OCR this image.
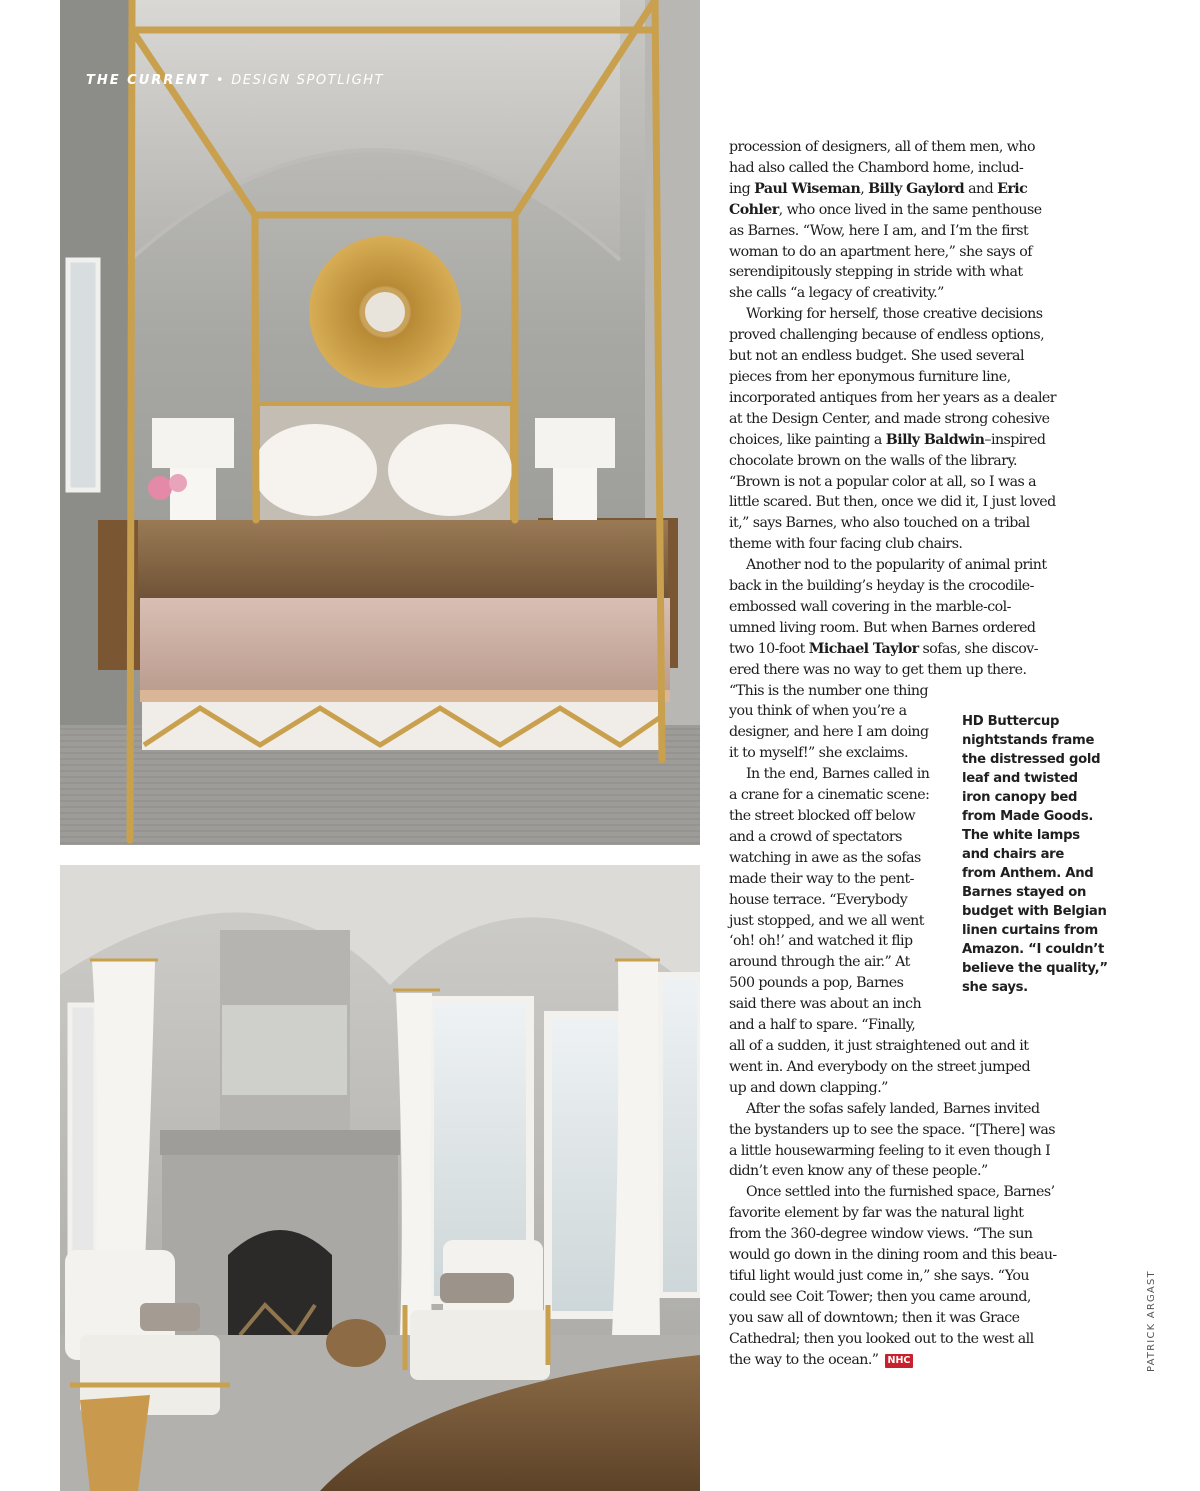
THE CURRENT • DESIGN SPOTLIGHT
procession of designers, all of them men, who
had also called the Chambord home, includ-
ing Paul Wiseman, Billy Gaylord and Eric
Cohler, who once lived in the same penthouse
as Barnes. “Wow, here I am, and I’m the first
woman to do an apartment here,” she says of
serendipitously stepping in stride with what
she calls “a legacy of creativity.”
Working for herself, those creative decisions
proved challenging because of endless options,
but not an endless budget. She used several
pieces from her eponymous furniture line,
incorporated antiques from her years as a dealer
at the Design Center, and made strong cohesive
choices, like painting a Billy Baldwin–inspired
chocolate brown on the walls of the library.
“Brown is not a popular color at all, so I was a
little scared. But then, once we did it, I just loved
it,” says Barnes, who also touched on a tribal
theme with four facing club chairs.
Another nod to the popularity of animal print
back in the building’s heyday is the crocodile-
embossed wall covering in the marble-col-
umned living room. But when Barnes ordered
two 10-foot Michael Taylor sofas, she discov-
ered there was no way to get them up there.
“This is the number one thing
you think of when you’re a
designer, and here I am doing
it to myself!” she exclaims.
In the end, Barnes called in
a crane for a cinematic scene:
the street blocked off below
and a crowd of spectators
watching in awe as the sofas
made their way to the pent-
house terrace. “Everybody
just stopped, and we all went
‘oh! oh!’ and watched it flip
around through the air.” At
500 pounds a pop, Barnes
said there was about an inch
and a half to spare. “Finally,
all of a sudden, it just straightened out and it
went in. And everybody on the street jumped
up and down clapping.”
After the sofas safely landed, Barnes invited
the bystanders up to see the space. “[There] was
a little housewarming feeling to it even though I
didn’t even know any of these people.”
Once settled into the furnished space, Barnes’
favorite element by far was the natural light
from the 360-degree window views. “The sun
would go down in the dining room and this beau-
tiful light would just come in,” she says. “You
could see Coit Tower; then you came around,
you saw all of downtown; then it was Grace
Cathedral; then you looked out to the west all
the way to the ocean.” NHC
HD Buttercup
nightstands frame
the distressed gold
leaf and twisted
iron canopy bed
from Made Goods.
The white lamps
and chairs are
from Anthem. And
Barnes stayed on
budget with Belgian
linen curtains from
Amazon. “I couldn’t
believe the quality,”
she says.
PATRICK ARGAST
